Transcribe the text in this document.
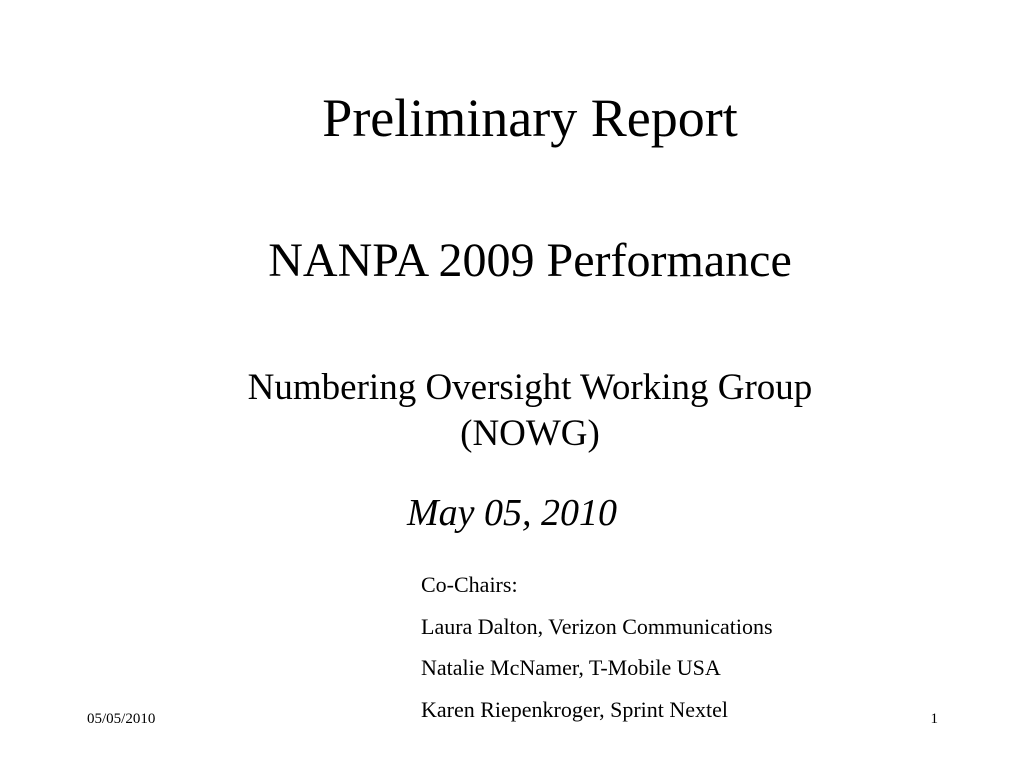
Preliminary Report
NANPA 2009 Performance
Numbering Oversight Working Group
(NOWG)
May 05, 2010
Co-Chairs:
Laura Dalton, Verizon Communications
Natalie McNamer, T-Mobile USA
Karen Riepenkroger, Sprint Nextel
05/05/2010	1
